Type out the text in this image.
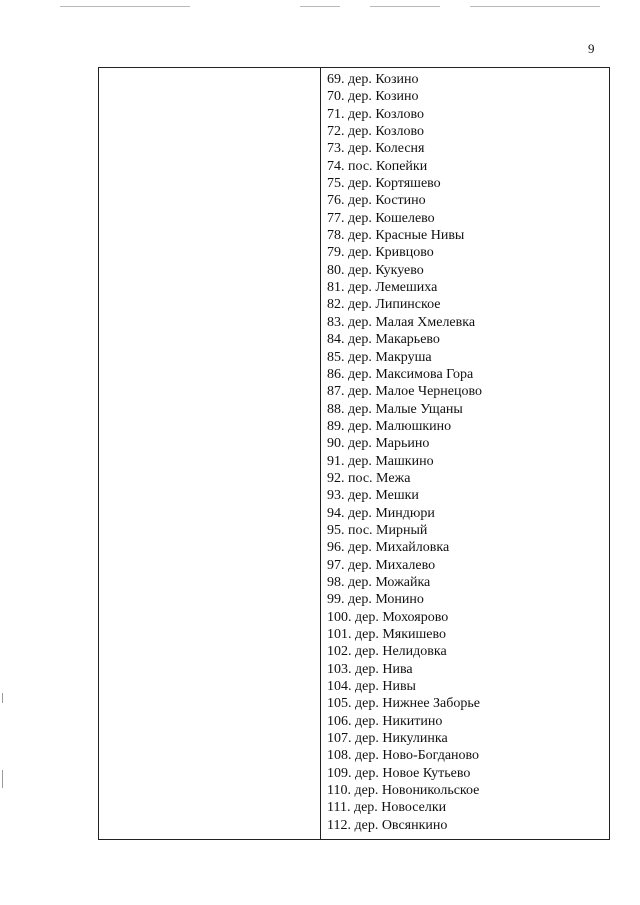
9
69. дер. Козино
70. дер. Козино
71. дер. Козлово
72. дер. Козлово
73. дер. Колесня
74. пос. Копейки
75. дер. Кортяшево
76. дер. Костино
77. дер. Кошелево
78. дер. Красные Нивы
79. дер. Кривцово
80. дер. Кукуево
81. дер. Лемешиха
82. дер. Липинское
83. дер. Малая Хмелевка
84. дер. Макарьево
85. дер. Макруша
86. дер. Максимова Гора
87. дер. Малое Чернецово
88. дер. Малые Ущаны
89. дер. Малюшкино
90. дер. Марьино
91. дер. Машкино
92. пос. Межа
93. дер. Мешки
94. дер. Миндюри
95. пос. Мирный
96. дер. Михайловка
97. дер. Михалево
98. дер. Можайка
99. дер. Монино
100. дер. Мохоярово
101. дер. Мякишево
102. дер. Нелидовка
103. дер. Нива
104. дер. Нивы
105. дер. Нижнее Заборье
106. дер. Никитино
107. дер. Никулинка
108. дер. Ново-Богданово
109. дер. Новое Кутьево
110. дер. Новоникольское
111. дер. Новоселки
112. дер. Овсянкино
